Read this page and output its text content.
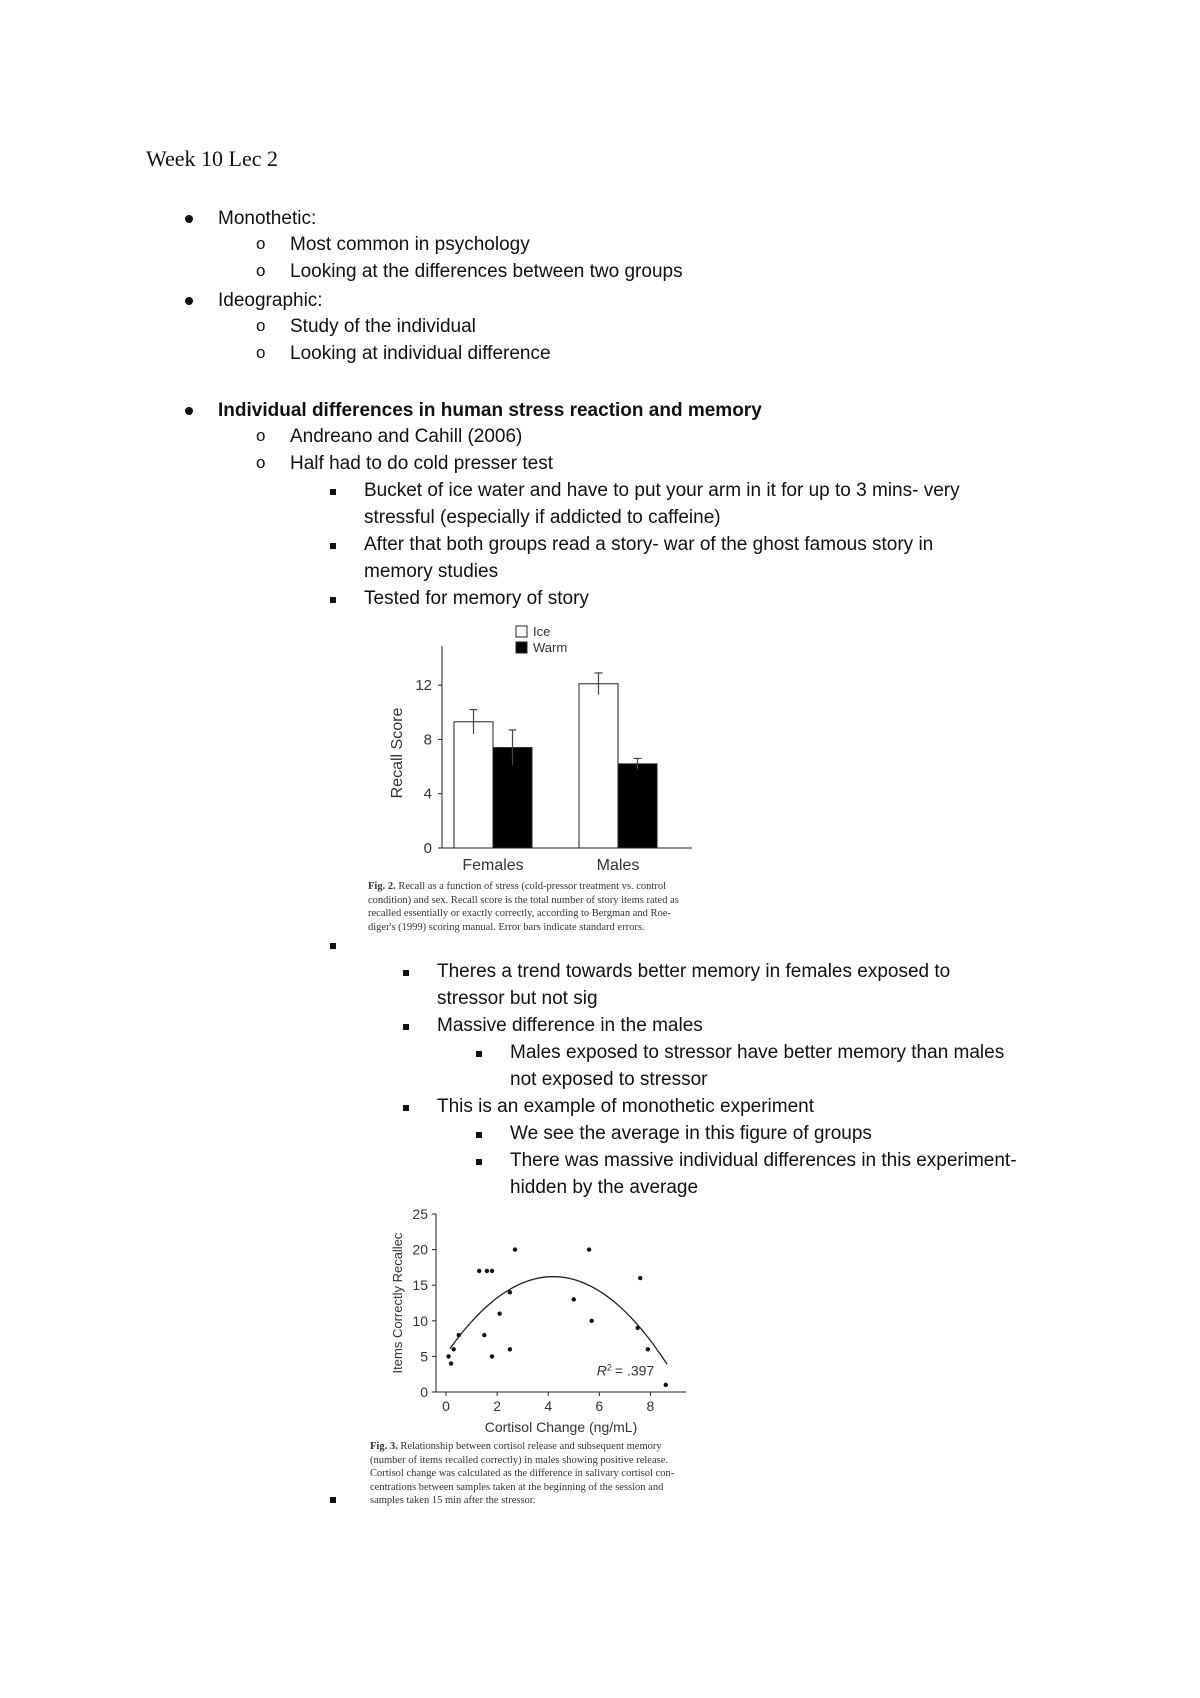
Week 10 Lec 2
Monothetic:
o Most common in psychology
o Looking at the differences between two groups
Ideographic:
o Study of the individual
o Looking at individual difference
Individual differences in human stress reaction and memory
o Andreano and Cahill (2006)
o Half had to do cold presser test
Bucket of ice water and have to put your arm in it for up to 3 mins- very
stressful (especially if addicted to caffeine)
After that both groups read a story- war of the ghost famous story in
memory studies
Tested for memory of story
0
4
8
12
Recall Score
Females	Males
Ice
Warm
Fig. 2. Recall as a function of stress (cold-pressor treatment vs. control
condition) and sex. Recall score is the total number of story items rated as
recalled essentially or exactly correctly, according to Bergman and Roe-
diger's (1999) scoring manual. Error bars indicate standard errors.
Theres a trend towards better memory in females exposed to
stressor but not sig
Massive difference in the males
Males exposed to stressor have better memory than males
not exposed to stressor
This is an example of monothetic experiment
We see the average in this figure of groups
There was massive individual differences in this experiment-
hidden by the average
0
5
10
15
20
25
0	2	4	6	8
Items Correctly Recallec
Cortisol Change (ng/mL)
$R^2 = .397$
Fig. 3. Relationship between cortisol release and subsequent memory
(number of items recalled correctly) in males showing positive release.
Cortisol change was calculated as the difference in salivary cortisol con-
centrations between samples taken at the beginning of the session and
samples taken 15 min after the stressor.
